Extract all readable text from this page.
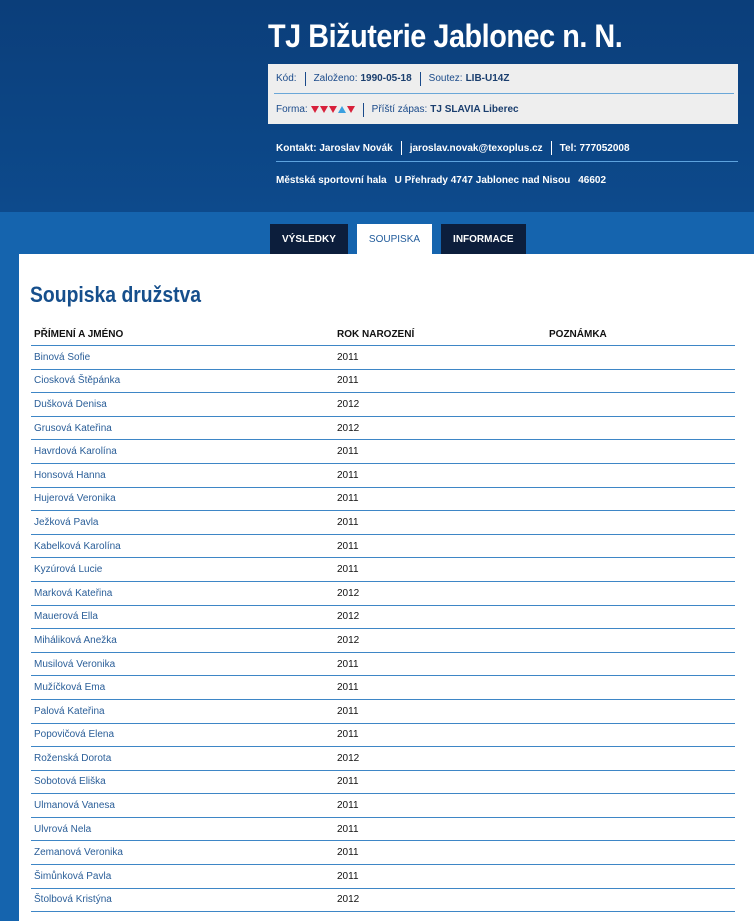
TJ Bižuterie Jablonec n. N.
Kód: Založeno: 1990-05-18 Soutez: LIB-U14Z
Forma:	Příští zápas: TJ SLAVIA Liberec
Kontakt: Jaroslav Novák jaroslav.novak@texoplus.cz Tel: 777052008
Městská sportovní hala U Přehrady 4747 Jablonec nad Nisou 46602
VÝSLEDKY	SOUPISKA	INFORMACE
Soupiska družstva
PŘÍMENÍ A JMÉNO	ROK NAROZENÍ	POZNÁMKA
Binová Sofie	2011
Ciosková Štěpánka	2011
Dušková Denisa	2012
Grusová Kateřina	2012
Havrdová Karolína	2011
Honsová Hanna	2011
Hujerová Veronika	2011
Ježková Pavla	2011
Kabelková Karolína	2011
Kyzúrová Lucie	2011
Marková Kateřina	2012
Mauerová Ella	2012
Miháliková Anežka	2012
Musilová Veronika	2011
Mužíčková Ema	2011
Palová Kateřina	2011
Popovičová Elena	2011
Roženská Dorota	2012
Sobotová Eliška	2011
Ulmanová Vanesa	2011
Ulvrová Nela	2011
Zemanová Veronika	2011
Šimůnková Pavla	2011
Štolbová Kristýna	2012
